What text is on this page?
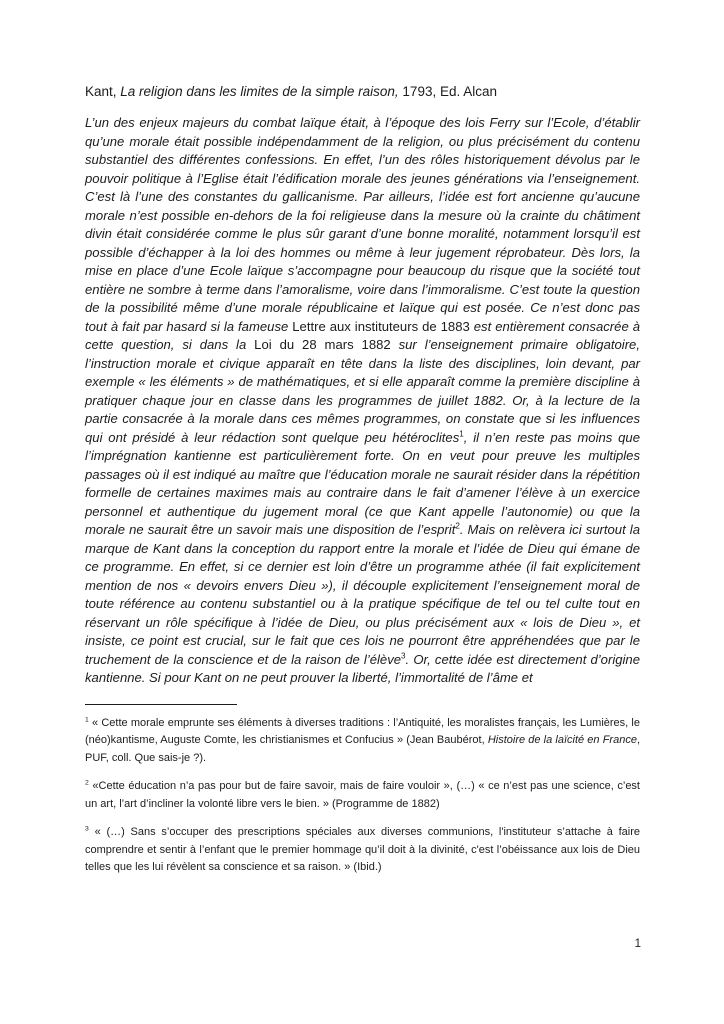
Kant, La religion dans les limites de la simple raison, 1793, Ed. Alcan

L’un des enjeux majeurs du combat laïque était, à l’époque des lois Ferry sur l’Ecole, d’établir qu’une morale était possible indépendamment de la religion, ou plus précisément du contenu substantiel des différentes confessions. En effet, l’un des rôles historiquement dévolus par le pouvoir politique à l’Eglise était l’édification morale des jeunes générations via l’enseignement. C’est là l’une des constantes du gallicanisme. Par ailleurs, l’idée est fort ancienne qu’aucune morale n’est possible en-dehors de la foi religieuse dans la mesure où la crainte du châtiment divin était considérée comme le plus sûr garant d’une bonne moralité, notamment lorsqu’il est possible d’échapper à la loi des hommes ou même à leur jugement réprobateur. Dès lors, la mise en place d’une Ecole laïque s’accompagne pour beaucoup du risque que la société tout entière ne sombre à terme dans l’amoralisme, voire dans l’immoralisme. C’est toute la question de la possibilité même d’une morale républicaine et laïque qui est posée. Ce n’est donc pas tout à fait par hasard si la fameuse Lettre aux instituteurs de 1883 est entièrement consacrée à cette question, si dans la Loi du 28 mars 1882 sur l’enseignement primaire obligatoire, l’instruction morale et civique apparaît en tête dans la liste des disciplines, loin devant, par exemple « les éléments » de mathématiques, et si elle apparaît comme la première discipline à pratiquer chaque jour en classe dans les programmes de juillet 1882. Or, à la lecture de la partie consacrée à la morale dans ces mêmes programmes, on constate que si les influences qui ont présidé à leur rédaction sont quelque peu hétéroclites$^1$, il n’en reste pas moins que l’imprégnation kantienne est particulièrement forte. On en veut pour preuve les multiples passages où il est indiqué au maître que l’éducation morale ne saurait résider dans la répétition formelle de certaines maximes mais au contraire dans le fait d’amener l’élève à un exercice personnel et authentique du jugement moral (ce que Kant appelle l’autonomie) ou que la morale ne saurait être un savoir mais une disposition de l’esprit$^2$. Mais on relèvera ici surtout la marque de Kant dans la conception du rapport entre la morale et l’idée de Dieu qui émane de ce programme. En effet, si ce dernier est loin d’être un programme athée (il fait explicitement mention de nos « devoirs envers Dieu »), il découple explicitement l’enseignement moral de toute référence au contenu substantiel ou à la pratique spécifique de tel ou tel culte tout en réservant un rôle spécifique à l’idée de Dieu, ou plus précisément aux « lois de Dieu », et insiste, ce point est crucial, sur le fait que ces lois ne pourront être appréhendées que par le truchement de la conscience et de la raison de l’élève$^3$. Or, cette idée est directement d’origine kantienne. Si pour Kant on ne peut prouver la liberté, l’immortalité de l’âme et

$^1$ « Cette morale emprunte ses éléments à diverses traditions : l’Antiquité, les moralistes français, les Lumières, le (néo)kantisme, Auguste Comte, les christianismes et Confucius » (Jean Baubérot, Histoire de la laïcité en France, PUF, coll. Que sais-je ?).

$^2$ «Cette éducation n’a pas pour but de faire savoir, mais de faire vouloir », (…) « ce n’est pas une science, c’est un art, l’art d’incliner la volonté libre vers le bien. » (Programme de 1882)

$^3$ « (…) Sans s’occuper des prescriptions spéciales aux diverses communions, l'instituteur s’attache à faire comprendre et sentir à l’enfant que le premier hommage qu’il doit à la divinité, c'est l’obéissance aux lois de Dieu telles que les lui révèlent sa conscience et sa raison. » (Ibid.)

1
